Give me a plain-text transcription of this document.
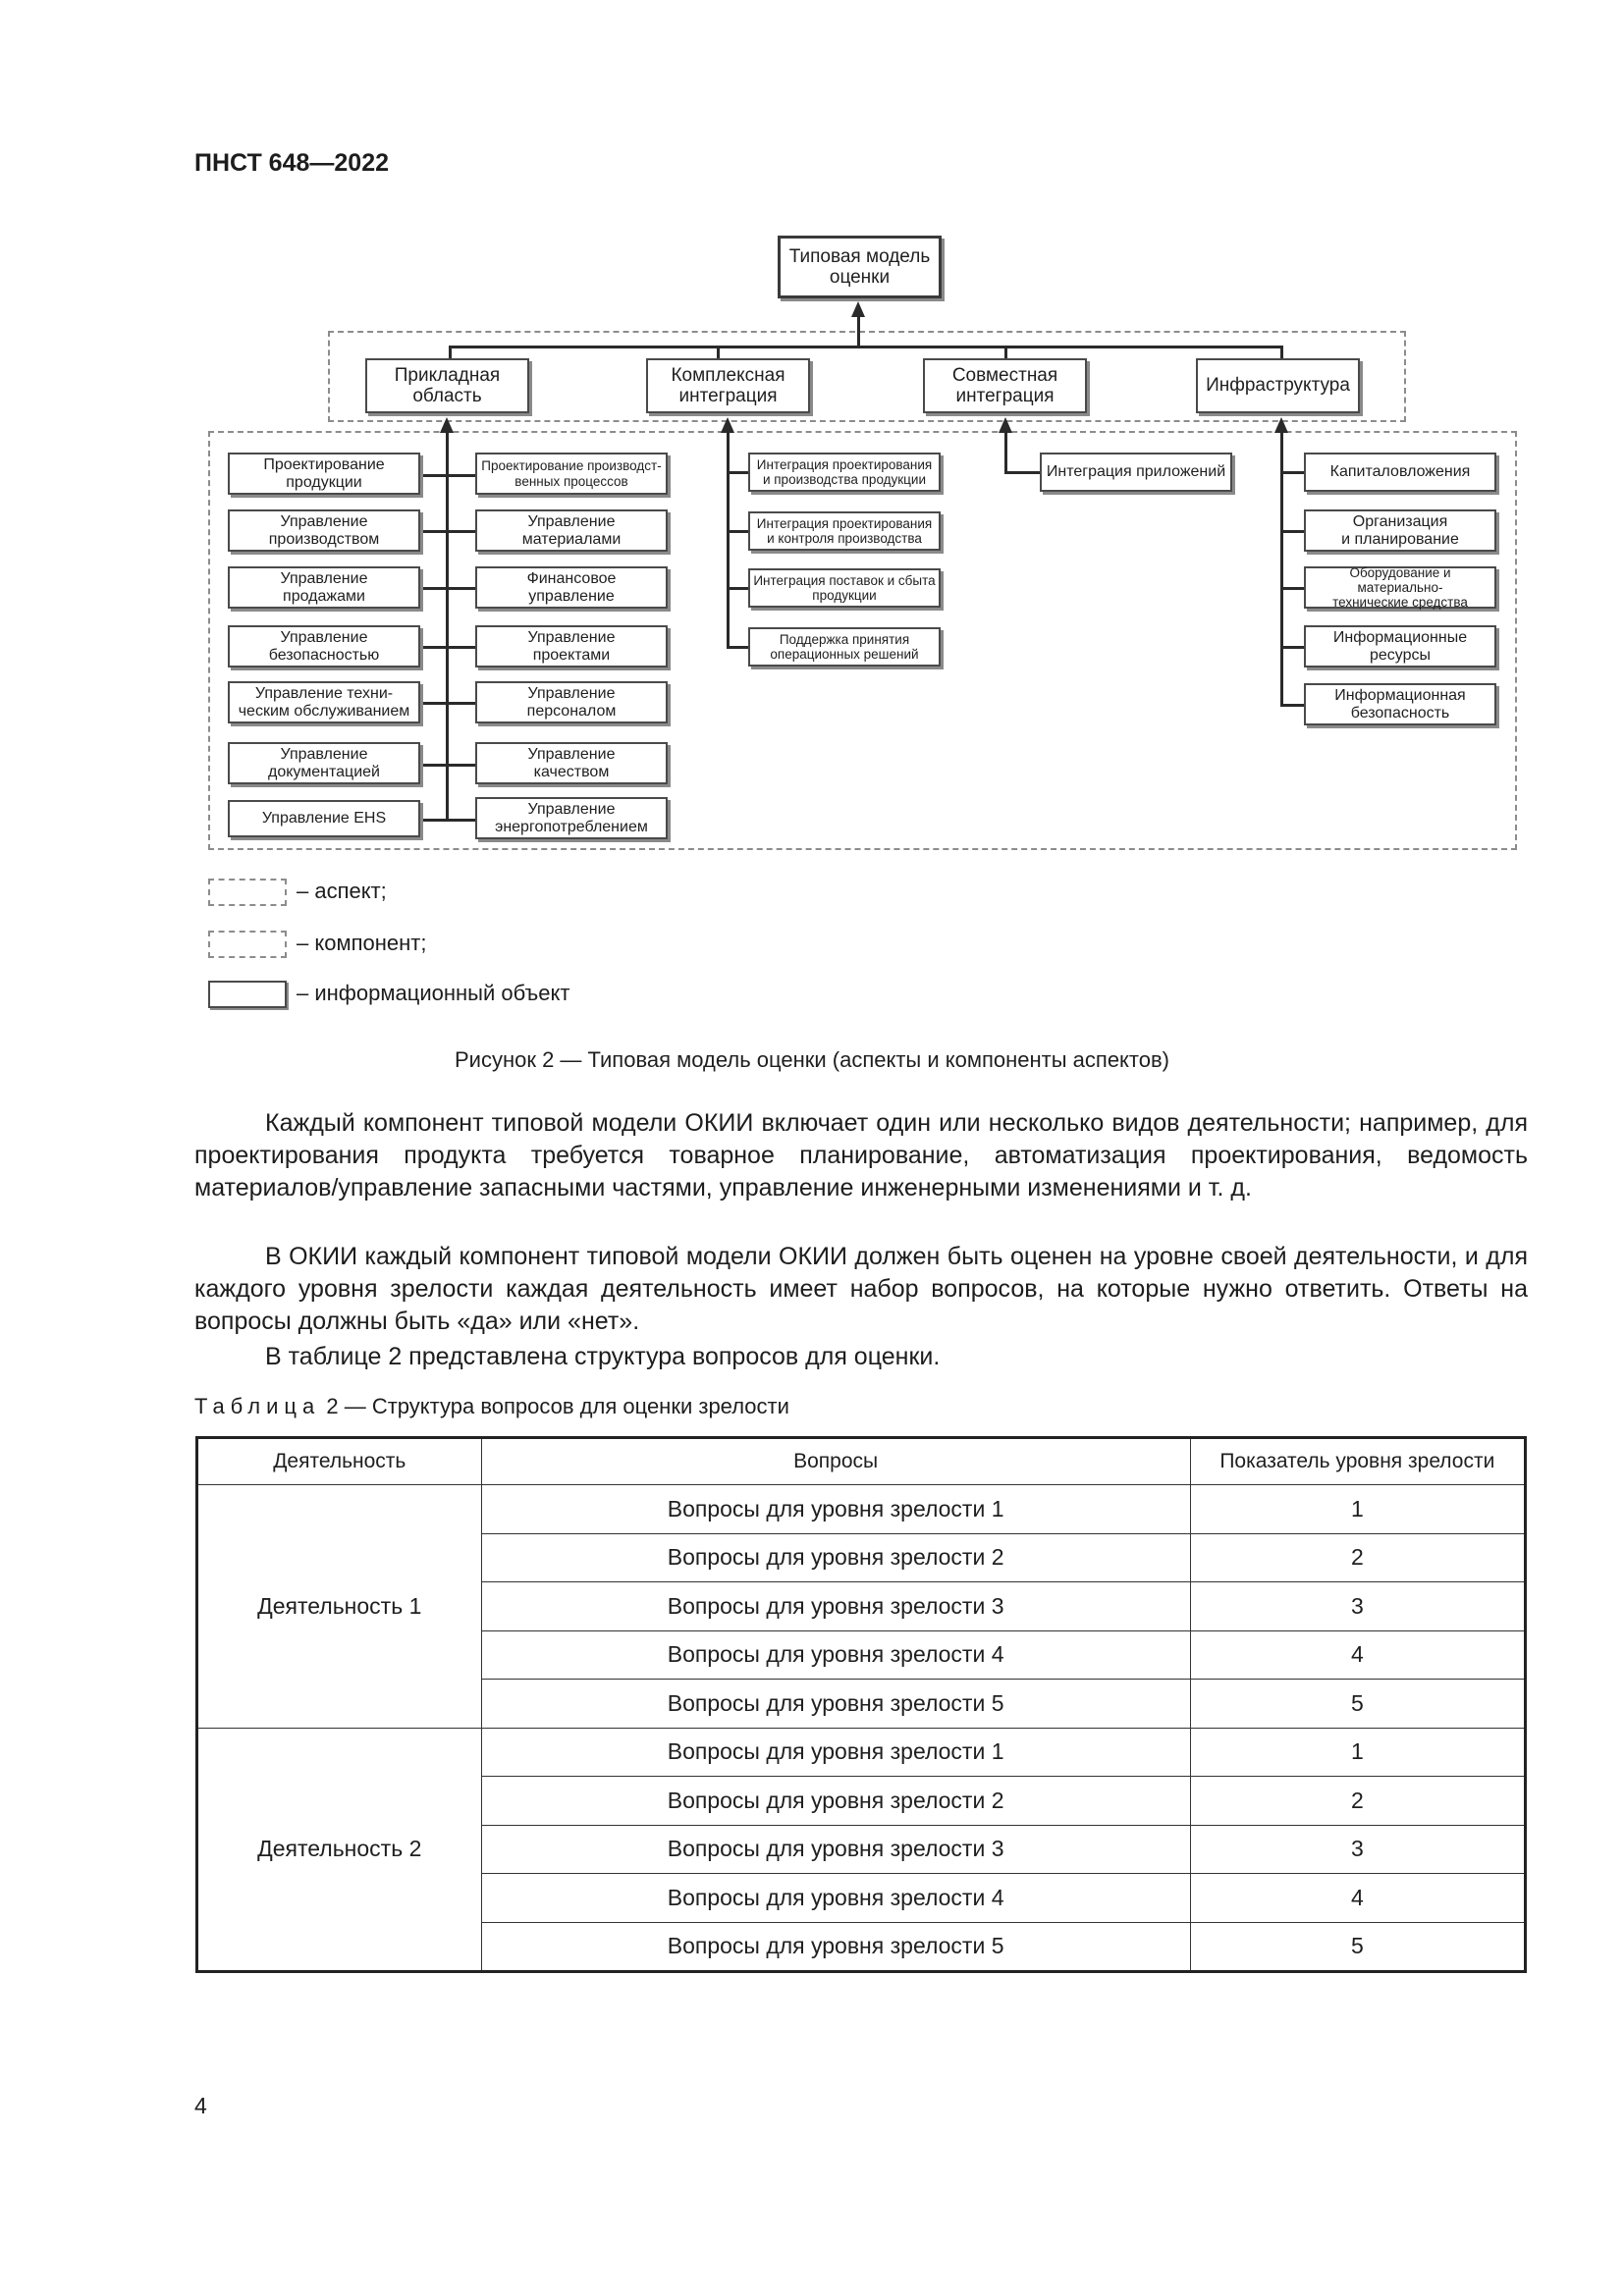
ПНСТ 648—2022
Типовая модель
оценки
Прикладная
область
Комплексная
интеграция
Совместная
интеграция
Инфраструктура
Проектирование
продукции
Управление
производством
Управление
продажами
Управление
безопасностью
Управление техни-
ческим обслуживанием
Управление
документацией
Управление EHS
Проектирование производст-
венных процессов
Управление
материалами
Финансовое
управление
Управление
проектами
Управление
персоналом
Управление
качеством
Управление
энергопотреблением
Интеграция проектирования
и производства продукции
Интеграция проектирования
и контроля производства
Интеграция поставок и сбыта
продукции
Поддержка принятия
операционных решений
Интеграция приложений	Капиталовложения
Организация
и планирование
Оборудование и материально-
технические средства
Информационные
ресурсы
Информационная
безопасность
– аспект;
– компонент;
– информационный объект
Рисунок 2 — Типовая модель оценки (аспекты и компоненты аспектов)

Каждый компонент типовой модели ОКИИ включает один или несколько видов деятельности; например, для проектирования продукта требуется товарное планирование, автоматизация проектирования, ведомость материалов/управление запасными частями, управление инженерными изменениями и т. д.

В ОКИИ каждый компонент типовой модели ОКИИ должен быть оценен на уровне своей деятельности, и для каждого уровня зрелости каждая деятельность имеет набор вопросов, на которые нужно ответить. Ответы на вопросы должны быть «да» или «нет».

В таблице 2 представлена структура вопросов для оценки.

Таблица 2 — Структура вопросов для оценки зрелости
Деятельность	Вопросы	Показатель уровня зрелости
Деятельность 1	Вопросы для уровня зрелости 1	1
	Вопросы для уровня зрелости 2	2
	Вопросы для уровня зрелости 3	3
	Вопросы для уровня зрелости 4	4
	Вопросы для уровня зрелости 5	5
Деятельность 2	Вопросы для уровня зрелости 1	1
	Вопросы для уровня зрелости 2	2
	Вопросы для уровня зрелости 3	3
	Вопросы для уровня зрелости 4	4
	Вопросы для уровня зрелости 5	5
4
